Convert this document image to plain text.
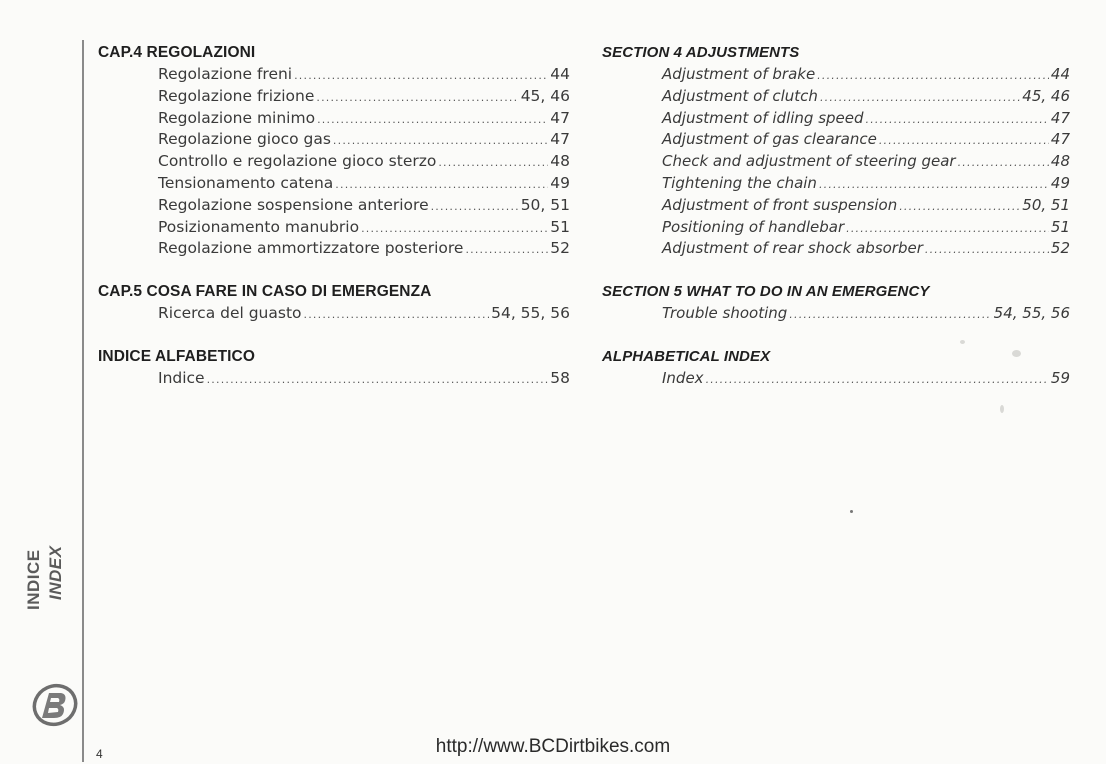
CAP.4 REGOLAZIONI
Regolazione freni .....	44
Regolazione frizione .....	45, 46
Regolazione minimo .....	47
Regolazione gioco gas .....	47
Controllo e regolazione gioco sterzo .....	48
Tensionamento catena .....	49
Regolazione sospensione anteriore .....	50, 51
Posizionamento manubrio .....	51
Regolazione ammortizzatore posteriore .....	52
CAP.5 COSA FARE IN CASO DI EMERGENZA
Ricerca del guasto .....	54, 55, 56
INDICE ALFABETICO
Indice .....	58
SECTION 4 ADJUSTMENTS
Adjustment of brake .....	44
Adjustment of clutch .....	45, 46
Adjustment of idling speed .....	47
Adjustment of gas clearance .....	47
Check and adjustment of steering gear .....	48
Tightening the chain .....	49
Adjustment of front suspension .....	50, 51
Positioning of handlebar .....	51
Adjustment of rear shock absorber .....	52
SECTION 5 WHAT TO DO IN AN EMERGENCY
Trouble shooting .....	54, 55, 56
ALPHABETICAL INDEX
Index .....	59
INDICE INDEX
4	http://www.BCDirtbikes.com
